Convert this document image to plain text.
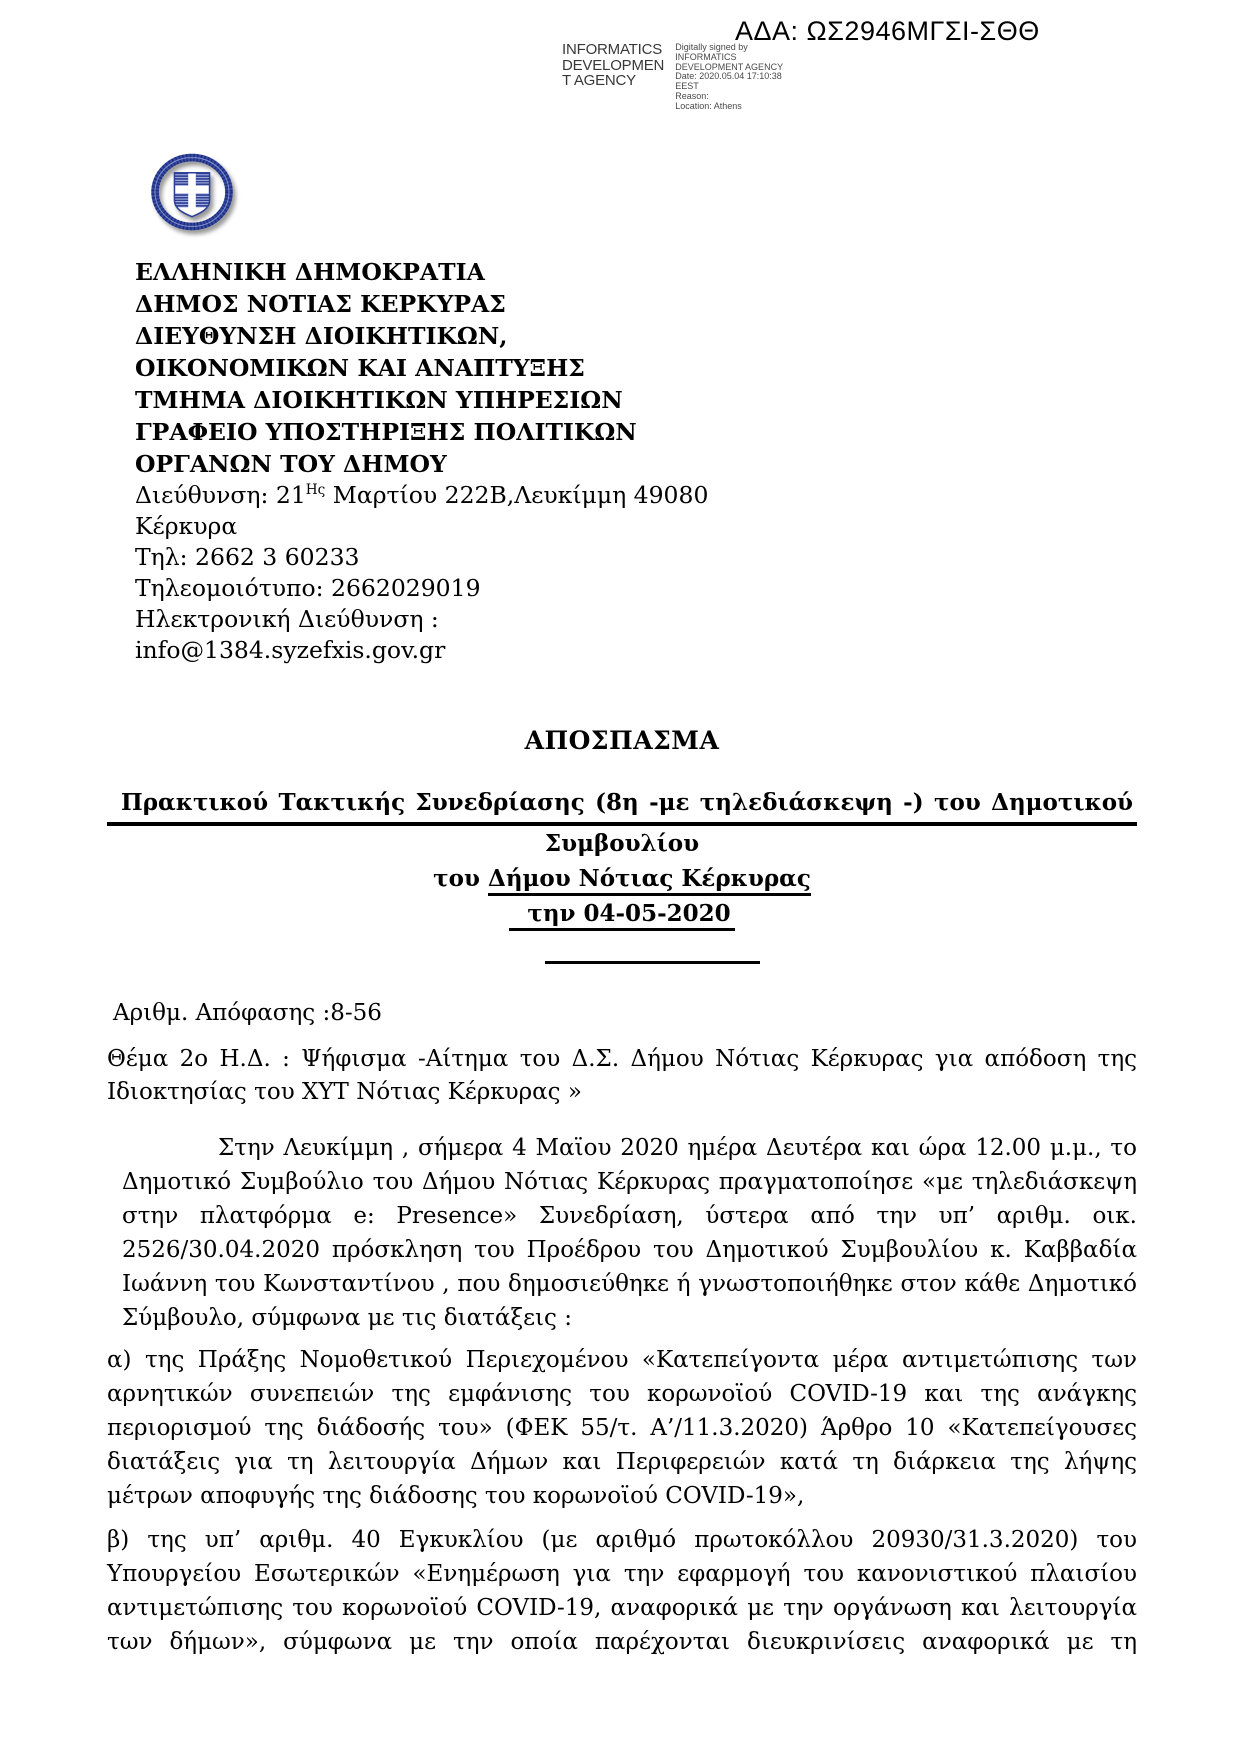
ΑΔΑ: ΩΣ2946ΜΓΣΙ-ΣΘΘ
INFORMATICS
DEVELOPMEN
T AGENCY
Digitally signed by
INFORMATICS
DEVELOPMENT AGENCY
Date: 2020.05.04 17:10:38
EEST
Reason:
Location: Athens
ΕΛΛΗΝΙΚΗ ΔΗΜΟΚΡΑΤΙΑ
ΔΗΜΟΣ ΝΟΤΙΑΣ ΚΕΡΚΥΡΑΣ
ΔΙΕΥΘΥΝΣΗ ΔΙΟΙΚΗΤΙΚΩΝ,
ΟΙΚΟΝΟΜΙΚΩΝ ΚΑΙ ΑΝΑΠΤΥΞΗΣ
ΤΜΗΜΑ ΔΙΟΙΚΗΤΙΚΩΝ ΥΠΗΡΕΣΙΩΝ
ΓΡΑΦΕΙΟ ΥΠΟΣΤΗΡΙΞΗΣ ΠΟΛΙΤΙΚΩΝ
ΟΡΓΑΝΩΝ ΤΟΥ ΔΗΜΟΥ
Διεύθυνση: $21^{H\varsigma}$ Μαρτίου 222Β,Λευκίμμη 49080
Κέρκυρα
Τηλ: 2662 3 60233
Τηλεομοιότυπο: 2662029019
Ηλεκτρονική Διεύθυνση :
info@1384.syzefxis.gov.gr
ΑΠΟΣΠΑΣΜΑ
Πρακτικού Τακτικής Συνεδρίασης (8η -με τηλεδιάσκεψη -) του Δημοτικού
Συμβουλίου
του Δήμου Νότιας Κέρκυρας
την 04-05-2020
Αριθμ. Απόφασης :8-56
Θέμα 2ο Η.Δ. : Ψήφισμα -Αίτημα του Δ.Σ. Δήμου Νότιας Κέρκυρας για απόδοση της Ιδιοκτησίας του ΧΥΤ Νότιας Κέρκυρας »
Στην Λευκίμμη , σήμερα 4 Μαϊου 2020 ημέρα Δευτέρα και ώρα 12.00 μ.μ., το Δημοτικό Συμβούλιο του Δήμου Νότιας Κέρκυρας πραγματοποίησε «με τηλεδιάσκεψη στην πλατφόρμα e: Presence» Συνεδρίαση, ύστερα από την υπ’ αριθμ. οικ. 2526/30.04.2020 πρόσκληση του Προέδρου του Δημοτικού Συμβουλίου κ. Καββαδία Ιωάννη του Κωνσταντίνου , που δημοσιεύθηκε ή γνωστοποιήθηκε στον κάθε Δημοτικό Σύμβουλο, σύμφωνα με τις διατάξεις :
α) της Πράξης Νομοθετικού Περιεχομένου «Κατεπείγοντα μέρα αντιμετώπισης των αρνητικών συνεπειών της εμφάνισης του κορωνοϊού COVID-19 και της ανάγκης περιορισμού της διάδοσής του» (ΦΕΚ 55/τ. Α’/11.3.2020) Άρθρο 10 «Κατεπείγουσες διατάξεις για τη λειτουργία Δήμων και Περιφερειών κατά τη διάρκεια της λήψης μέτρων αποφυγής της διάδοσης του κορωνοϊού COVID-19»,
β) της υπ’ αριθμ. 40 Εγκυκλίου (με αριθμό πρωτοκόλλου 20930/31.3.2020) του Υπουργείου Εσωτερικών «Ενημέρωση για την εφαρμογή του κανονιστικού πλαισίου αντιμετώπισης του κορωνοϊού COVID-19, αναφορικά με την οργάνωση και λειτουργία των δήμων», σύμφωνα με την οποία παρέχονται διευκρινίσεις αναφορικά με τη
